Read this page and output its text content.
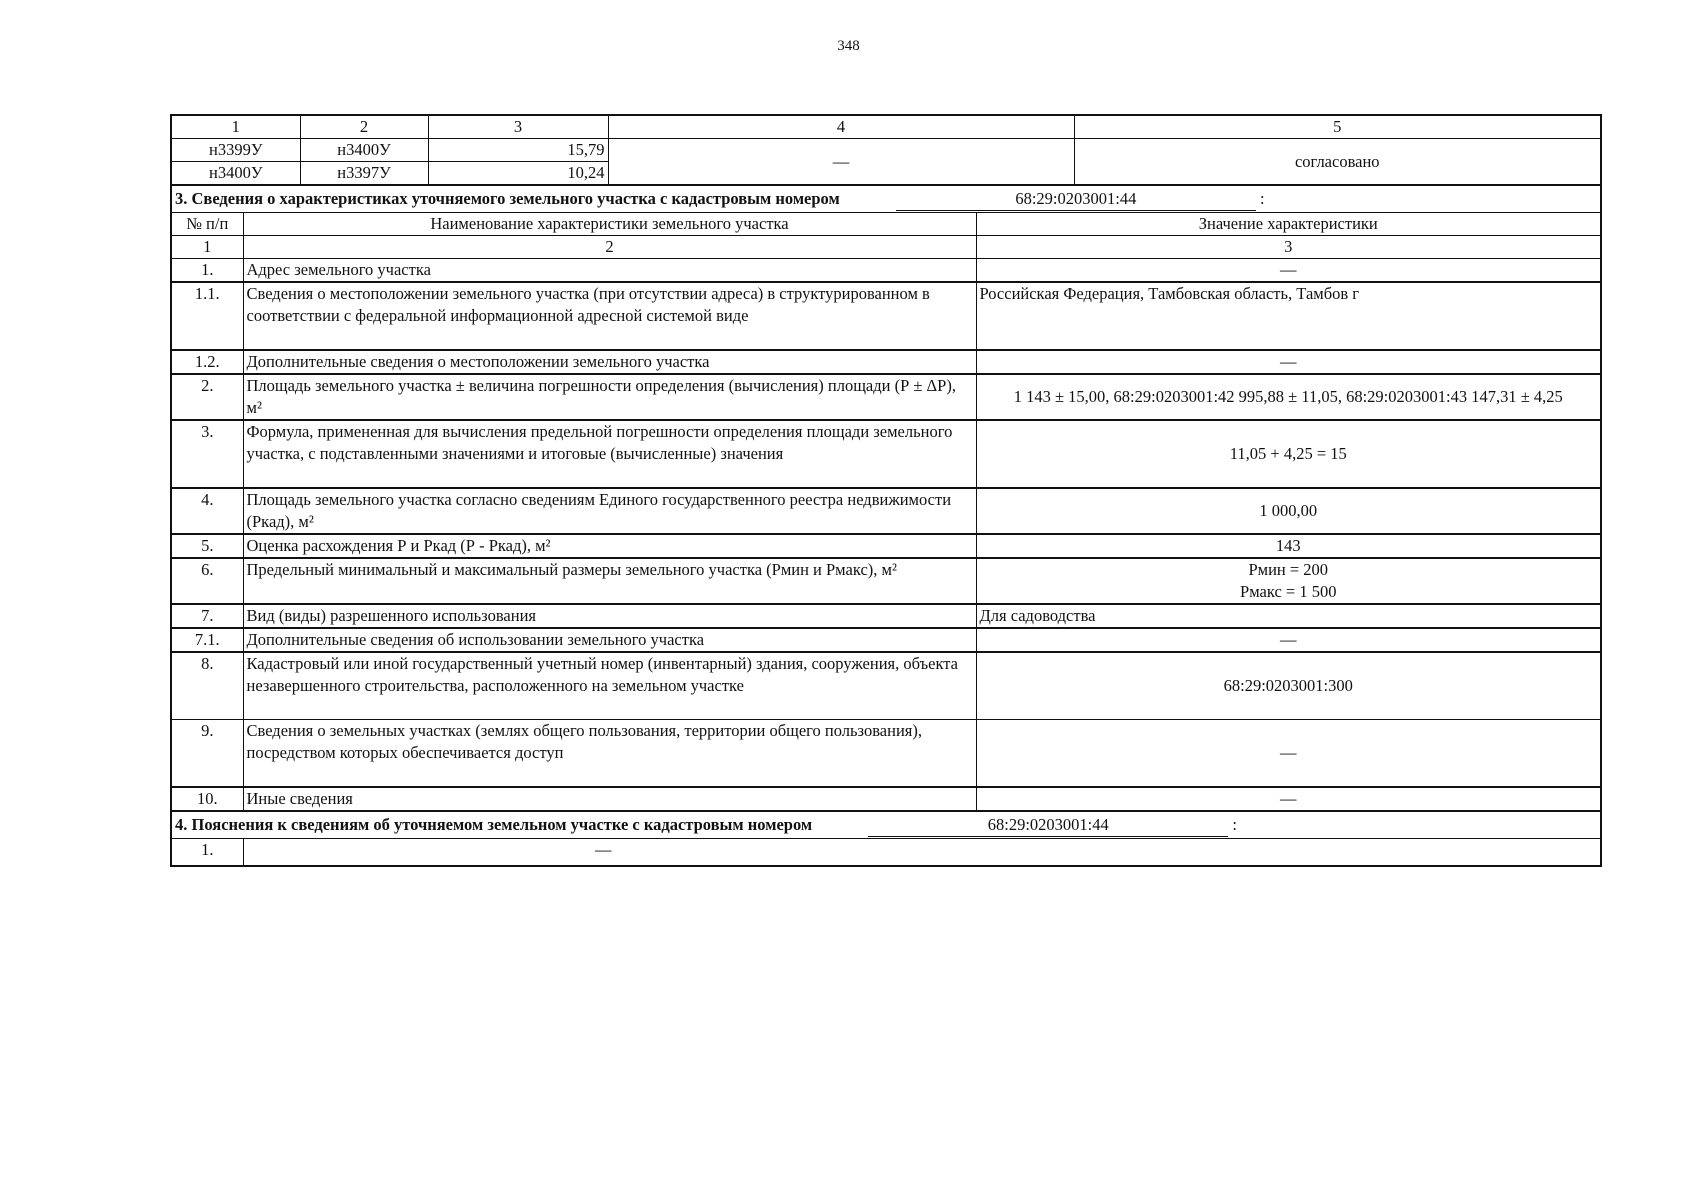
348
1		2	3	4		5
н3399У		н3400У	15,79	—		согласовано
н3400У		н3397У	10,24			
3. Сведения о характеристиках уточняемого земельного участка с кадастровым номером 68:29:0203001:44 :						
№ п/п	Наименование характеристики земельного участка				Значение характеристики	
1	2				3	
1.	Адрес земельного участка				—	
1.1.	Сведения о местоположении земельного участка (при отсутствии адреса) в структурированном в соответствии с федеральной информационной адресной системой виде				Российская Федерация, Тамбовская область, Тамбов г	
1.2.	Дополнительные сведения о местоположении земельного участка				—	
2.	Площадь земельного участка ± величина погрешности определения (вычисления) площади (Р ± ΔР), м²				1 143 ± 15,00, 68:29:0203001:42 995,88 ± 11,05, 68:29:0203001:43 147,31 ± 4,25	
3.	Формула, примененная для вычисления предельной погрешности определения площади земельного участка, с подставленными значениями и итоговые (вычисленные) значения				11,05 + 4,25 = 15	
4.	Площадь земельного участка согласно сведениям Единого государственного реестра недвижимости (Ркад), м²				1 000,00	
5.	Оценка расхождения Р и Ркад (Р - Ркад), м²				143	
6.	Предельный минимальный и максимальный размеры земельного участка (Рмин и Рмакс), м²				Рмин = 200
Рмакс = 1 500	

7.	Вид (виды) разрешенного использования				Для садоводства	
7.1.	Дополнительные сведения об использовании земельного участка				—	
8.	Кадастровый или иной государственный учетный номер (инвентарный) здания, сооружения, объекта незавершенного строительства, расположенного на земельном участке				68:29:0203001:300	
9.	Сведения о земельных участках (землях общего пользования, территории общего пользования), посредством которых обеспечивается доступ				—	
10.	Иные сведения				—	
4. Пояснения к сведениям об уточняемом земельном участке с кадастровым номером 68:29:0203001:44 :						
1.	—					
